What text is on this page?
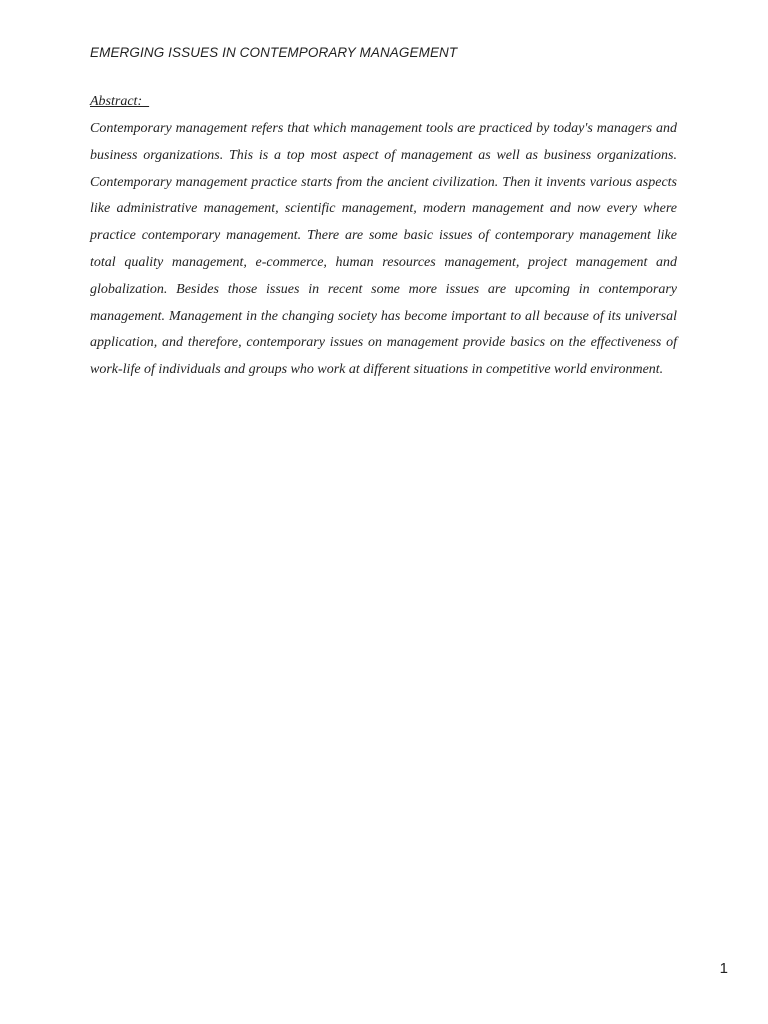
EMERGING ISSUES IN CONTEMPORARY MANAGEMENT
Abstract:

Contemporary management refers that which management tools are practiced by today's managers and business organizations. This is a top most aspect of management as well as business organizations. Contemporary management practice starts from the ancient civilization. Then it invents various aspects like administrative management, scientific management, modern management and now every where practice contemporary management. There are some basic issues of contemporary management like total quality management, e-commerce, human resources management, project management and globalization. Besides those issues in recent some more issues are upcoming in contemporary management. Management in the changing society has become important to all because of its universal application, and therefore, contemporary issues on management provide basics on the effectiveness of work-life of individuals and groups who work at different situations in competitive world environment.

1
